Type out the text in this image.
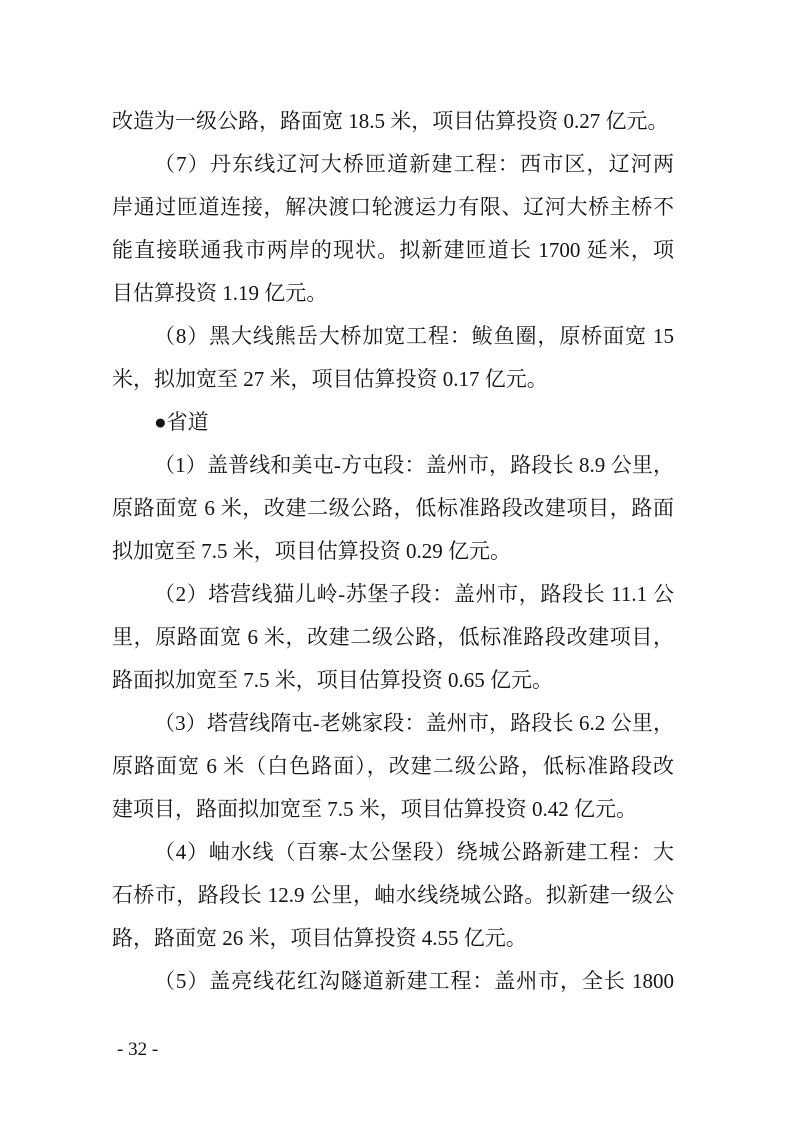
改造为一级公路，路面宽 18.5 米，项目估算投资 0.27 亿元。
（7）丹东线辽河大桥匝道新建工程：西市区，辽河两
岸通过匝道连接，解决渡口轮渡运力有限、辽河大桥主桥不
能直接联通我市两岸的现状。拟新建匝道长 1700 延米，项
目估算投资 1.19 亿元。
（8）黑大线熊岳大桥加宽工程：鲅鱼圈，原桥面宽 15
米，拟加宽至 27 米，项目估算投资 0.17 亿元。
●省道
（1）盖普线和美屯-方屯段：盖州市，路段长 8.9 公里，
原路面宽 6 米，改建二级公路，低标准路段改建项目，路面
拟加宽至 7.5 米，项目估算投资 0.29 亿元。
（2）塔营线猫儿岭-苏堡子段：盖州市，路段长 11.1 公
里，原路面宽 6 米，改建二级公路，低标准路段改建项目，
路面拟加宽至 7.5 米，项目估算投资 0.65 亿元。
（3）塔营线隋屯-老姚家段：盖州市，路段长 6.2 公里，
原路面宽 6 米（白色路面），改建二级公路，低标准路段改
建项目，路面拟加宽至 7.5 米，项目估算投资 0.42 亿元。
（4）岫水线（百寨-太公堡段）绕城公路新建工程：大
石桥市，路段长 12.9 公里，岫水线绕城公路。拟新建一级公
路，路面宽 26 米，项目估算投资 4.55 亿元。
（5）盖亮线花红沟隧道新建工程：盖州市，全长 1800
- 32 -
